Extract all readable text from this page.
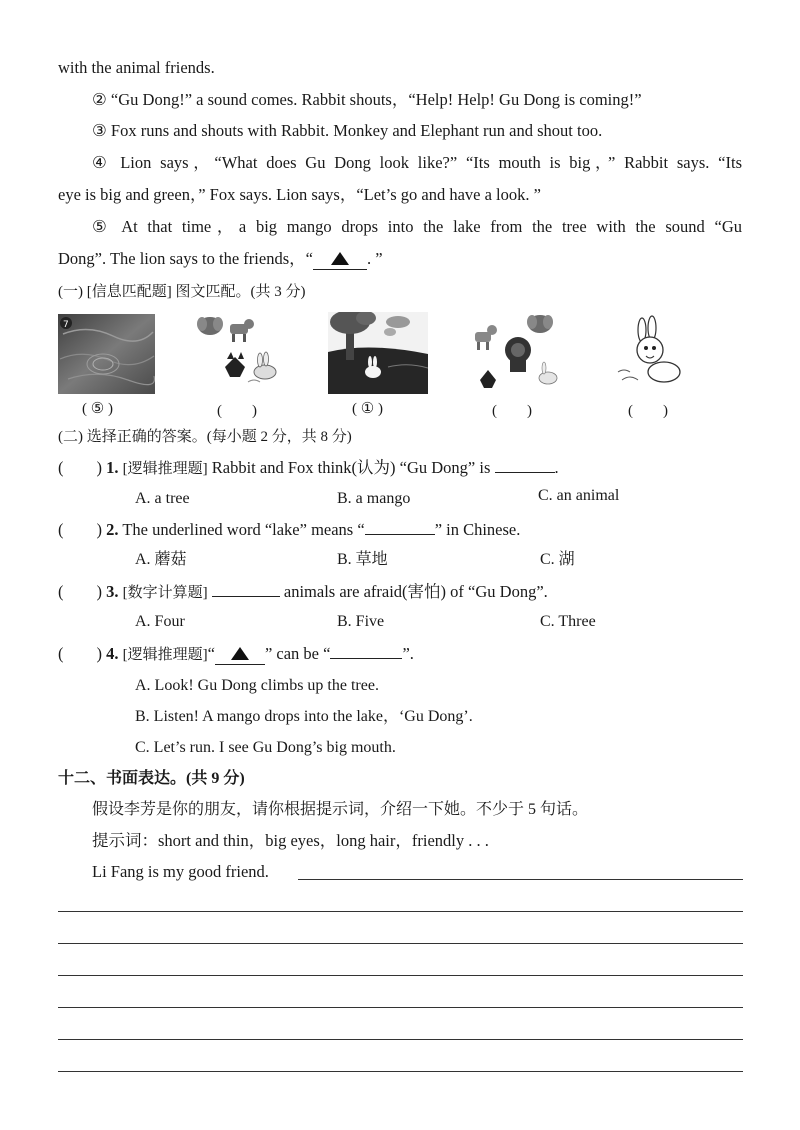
with the animal friends.
② “Gu Dong!” a sound comes. Rabbit shouts，“Help! Help! Gu Dong is coming!”
③ Fox runs and shouts with Rabbit. Monkey and Elephant run and shout too.
④ Lion says，“What does Gu Dong look like?” “Its mouth is big，” Rabbit says. “Its
eye is big and green，” Fox says. Lion says，“Let’s go and have a look. ”
⑤ At that time，a big mango drops into the lake from the tree with the sound “Gu
Dong”. The lion says to the friends，“	. ”
(一) [信息匹配题] 图文匹配。(共 3 分)
7
( ⑤ )	(　　)	( ① )	(　　)	(　　)
(二) 选择正确的答案。(每小题 2 分，共 8 分)
(　　) 1. [逻辑推理题] Rabbit and Fox think(认为) “Gu Dong” is	.
A. a tree	B. a mango	C. an animal
(　　) 2. The underlined word “lake” means “	” in Chinese.
A. 蘑菇	B. 草地	C. 湖
(　　) 3. [数字计算题]	animals are afraid(害怕) of “Gu Dong”.
A. Four	B. Five	C. Three
(　　) 4. [逻辑推理题]“	” can be “	”.
A. Look! Gu Dong climbs up the tree.
B. Listen! A mango drops into the lake，‘Gu Dong’.
C. Let’s run. I see Gu Dong’s big mouth.
十二、书面表达。(共 9 分)
假设李芳是你的朋友，请你根据提示词，介绍一下她。不少于 5 句话。
提示词：short and thin，big eyes，long hair，friendly . . .
Li Fang is my good friend.
